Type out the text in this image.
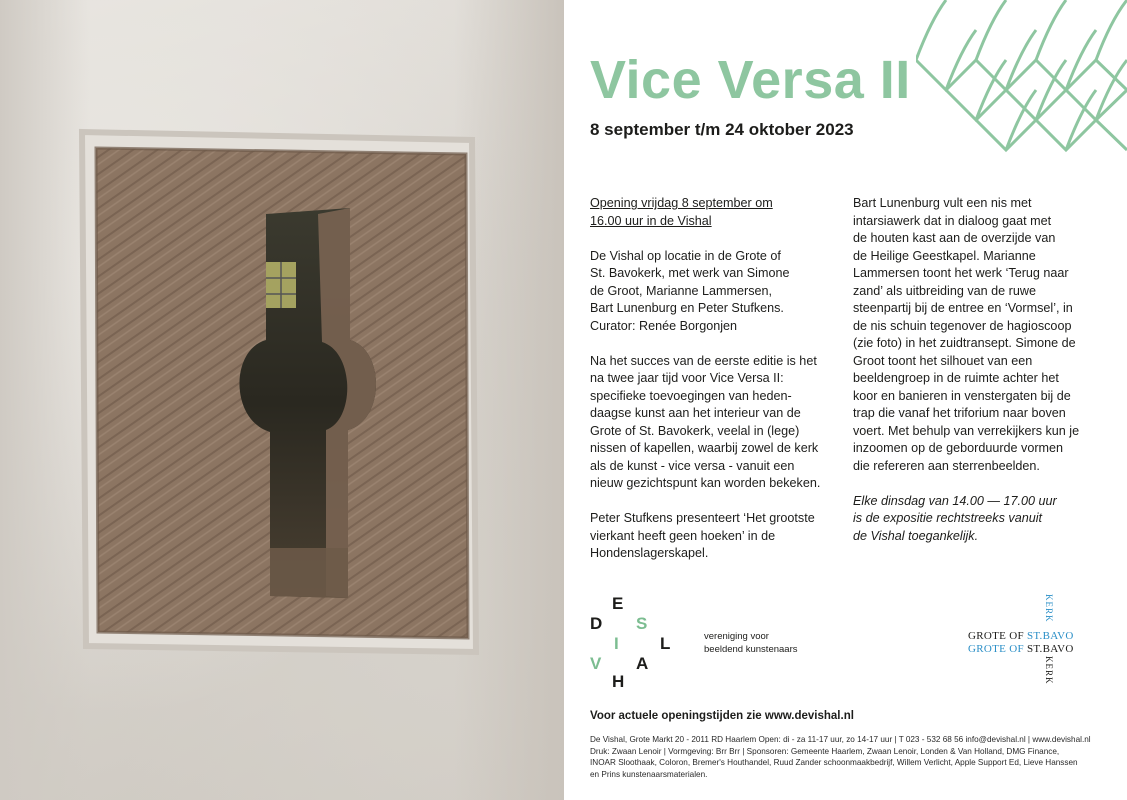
Vice Versa II
8 september t/m 24 oktober 2023

Opening vrijdag 8 september om
16.00 uur in de Vishal

De Vishal op locatie in de Grote of
St. Bavokerk, met werk van Simone
de Groot, Marianne Lammersen,
Bart Lunenburg en Peter Stufkens.
Curator: Renée Borgonjen

Na het succes van de eerste editie is het
na twee jaar tijd voor Vice Versa II:
specifieke toevoegingen van heden-
daagse kunst aan het interieur van de
Grote of St. Bavokerk, veelal in (lege)
nissen of kapellen, waarbij zowel de kerk
als de kunst - vice versa - vanuit een
nieuw gezichtspunt kan worden bekeken.

Peter Stufkens presenteert ‘Het grootste
vierkant heeft geen hoeken’ in de
Hondenslagerskapel.

Bart Lunenburg vult een nis met
intarsiawerk dat in dialoog gaat met
de houten kast aan de overzijde van
de Heilige Geestkapel. Marianne
Lammersen toont het werk ‘Terug naar
zand’ als uitbreiding van de ruwe
steenpartij bij de entree en ‘Vormsel’, in
de nis schuin tegenover de hagioscoop
(zie foto) in het zuidtransept. Simone de
Groot toont het silhouet van een
beeldengroep in de ruimte achter het
koor en banieren in venstergaten bij de
trap die vanaf het triforium naar boven
voert. Met behulp van verrekijkers kun je
inzoomen op de geborduurde vormen
die refereren aan sterrenbeelden.

Elke dinsdag van 14.00 — 17.00 uur
is de expositie rechtstreeks vanuit
de Vishal toegankelijk.

E
D S
I L
V A
H
vereniging voor
beeldend kunstenaars
KERK
GROTE OF ST.BAVO
GROTE OF ST.BAVO
KERK
Voor actuele openingstijden zie www.devishal.nl
De Vishal, Grote Markt 20 - 2011 RD Haarlem Open: di - za 11-17 uur, zo 14-17 uur | T 023 - 532 68 56 info@devishal.nl | www.devishal.nl
Druk: Zwaan Lenoir | Vormgeving: Brr Brr | Sponsoren: Gemeente Haarlem, Zwaan Lenoir, Londen & Van Holland, DMG Finance,
INOAR Sloothaak, Coloron, Bremer's Houthandel, Ruud Zander schoonmaakbedrijf, Willem Verlicht, Apple Support Ed, Lieve Hanssen
en Prins kunstenaarsmaterialen.
